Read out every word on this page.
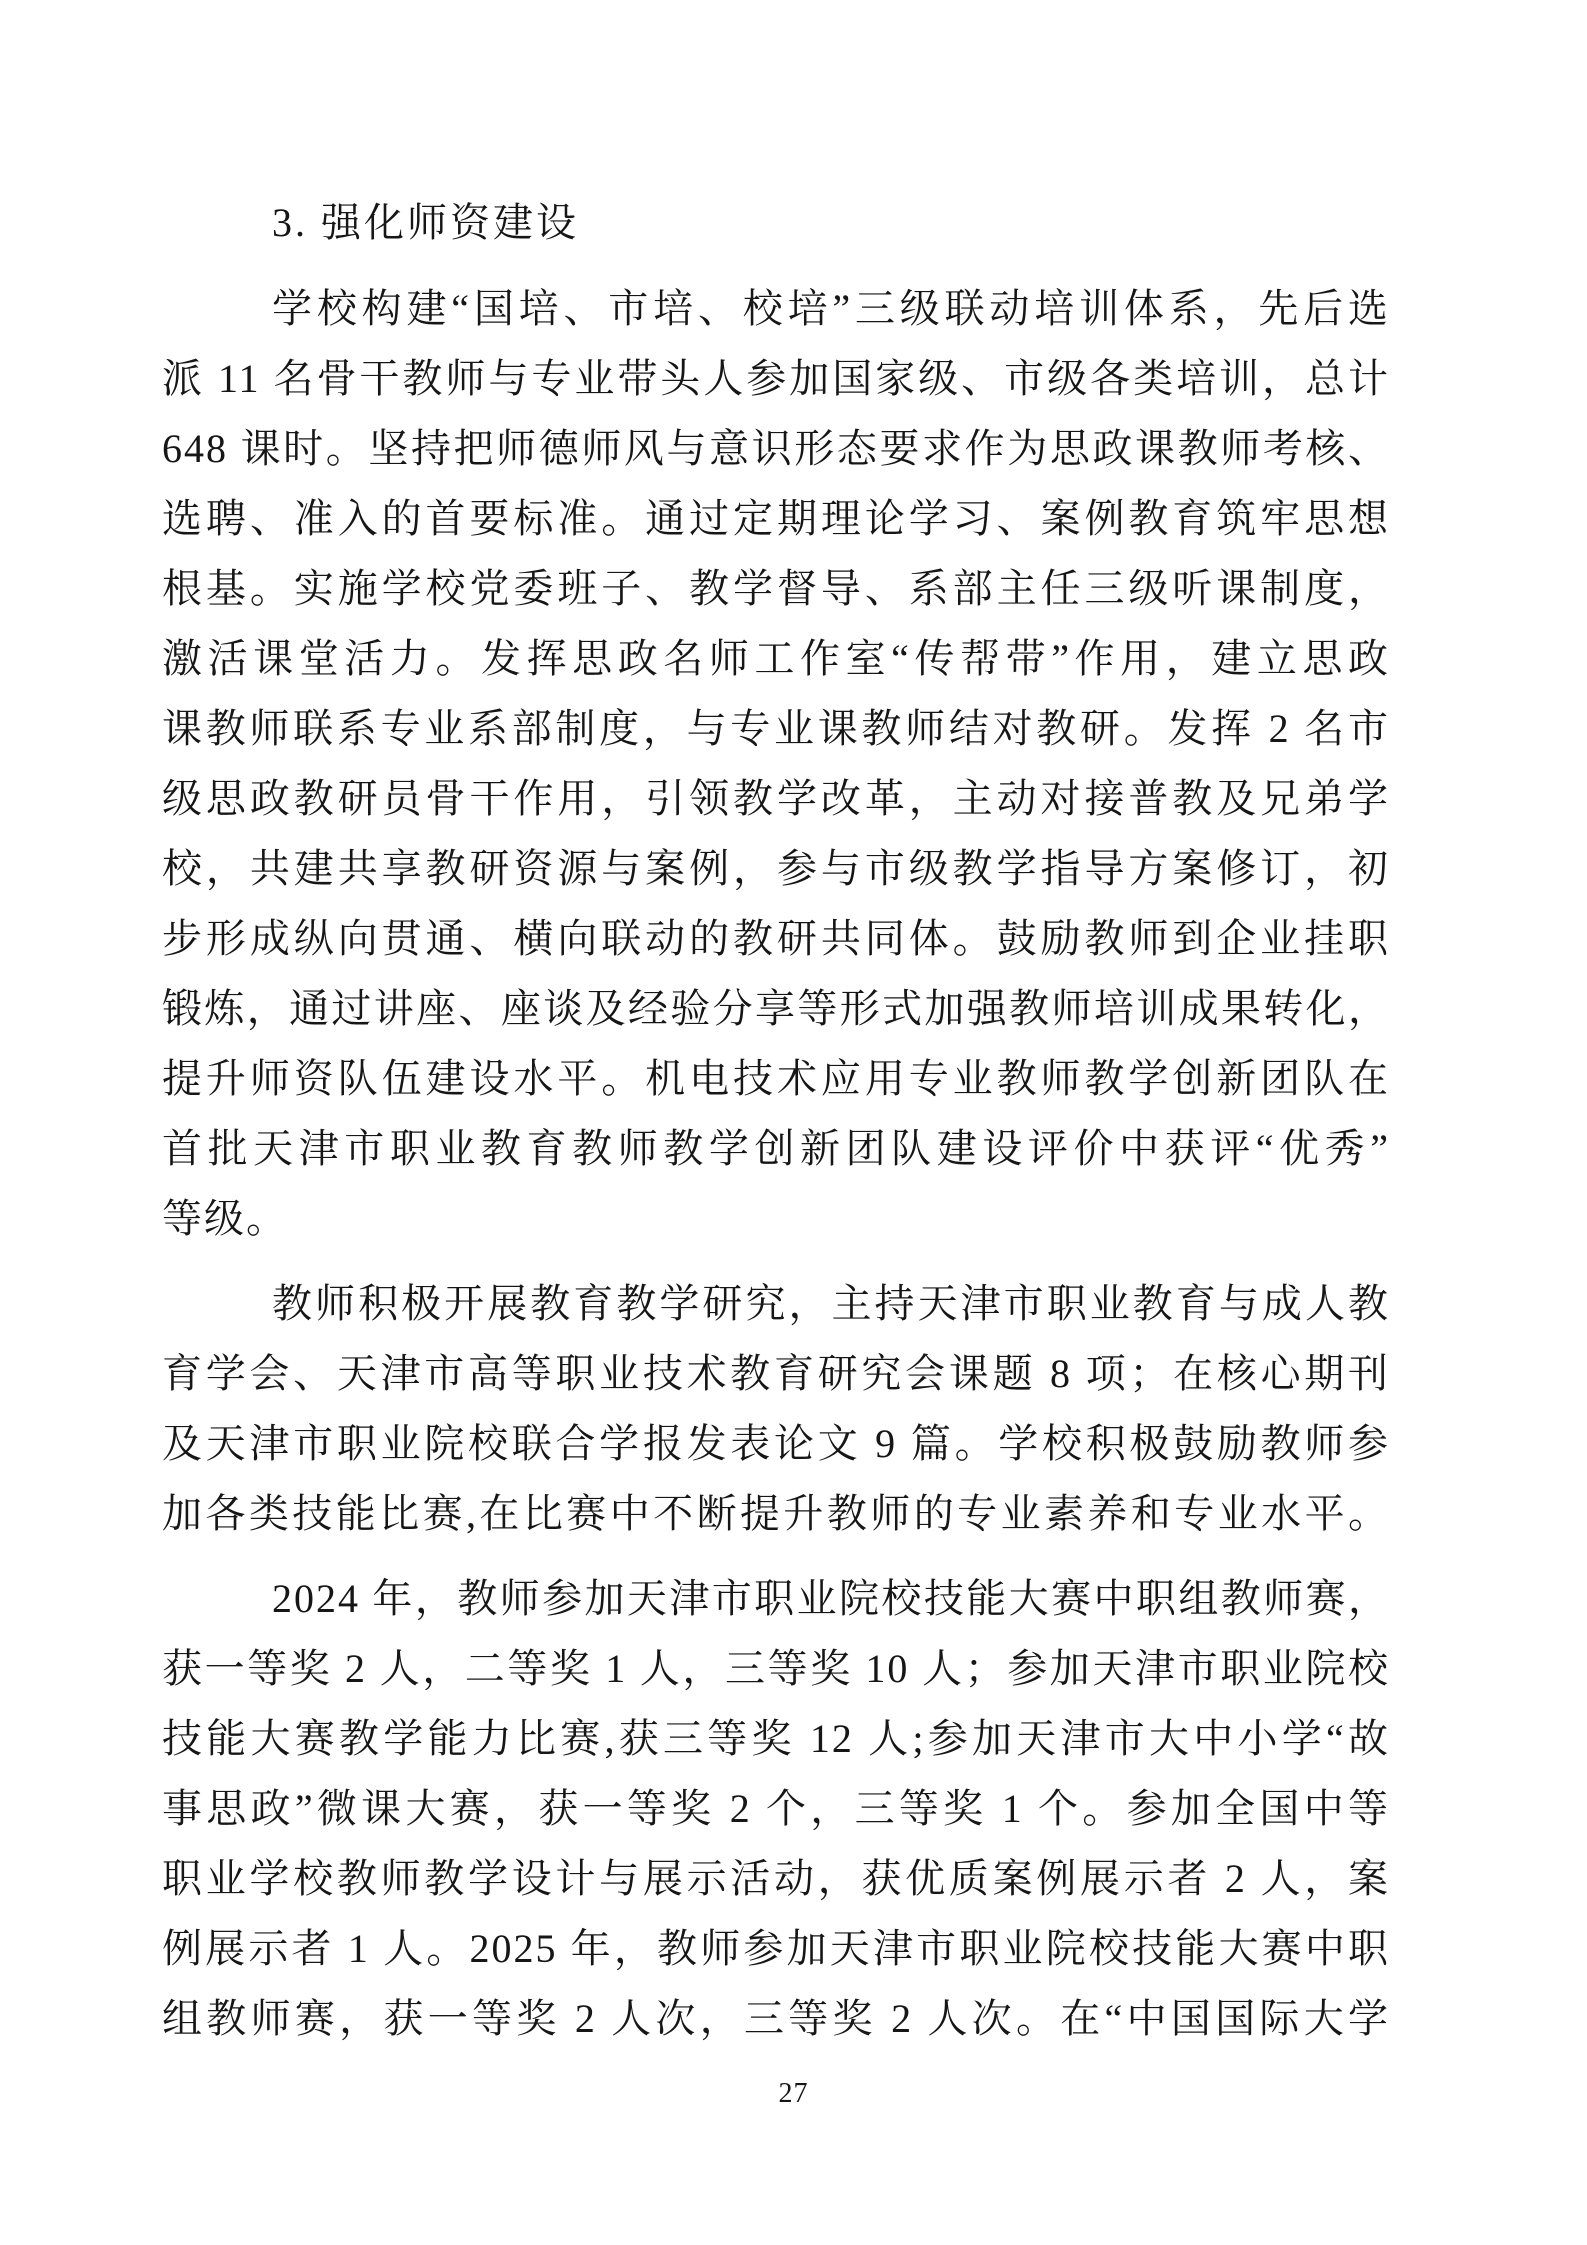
3. 强化师资建设
学校构建“国培、市培、校培”三级联动培训体系，先后选
派 11 名骨干教师与专业带头人参加国家级、市级各类培训，总计
648 课时。坚持把师德师风与意识形态要求作为思政课教师考核、
选聘、准入的首要标准。通过定期理论学习、案例教育筑牢思想
根基。实施学校党委班子、教学督导、系部主任三级听课制度，
激活课堂活力。发挥思政名师工作室“传帮带”作用，建立思政
课教师联系专业系部制度，与专业课教师结对教研。发挥 2 名市
级思政教研员骨干作用，引领教学改革，主动对接普教及兄弟学
校，共建共享教研资源与案例，参与市级教学指导方案修订，初
步形成纵向贯通、横向联动的教研共同体。鼓励教师到企业挂职
锻炼，通过讲座、座谈及经验分享等形式加强教师培训成果转化，
提升师资队伍建设水平。机电技术应用专业教师教学创新团队在
首批天津市职业教育教师教学创新团队建设评价中获评“优秀”
等级。
教师积极开展教育教学研究，主持天津市职业教育与成人教
育学会、天津市高等职业技术教育研究会课题 8 项；在核心期刊
及天津市职业院校联合学报发表论文 9 篇。学校积极鼓励教师参
加各类技能比赛,在比赛中不断提升教师的专业素养和专业水平。
2024 年，教师参加天津市职业院校技能大赛中职组教师赛，
获一等奖 2 人，二等奖 1 人，三等奖 10 人；参加天津市职业院校
技能大赛教学能力比赛,获三等奖 12 人;参加天津市大中小学“故
事思政”微课大赛，获一等奖 2 个，三等奖 1 个。参加全国中等
职业学校教师教学设计与展示活动，获优质案例展示者 2 人，案
例展示者 1 人。2025 年，教师参加天津市职业院校技能大赛中职
组教师赛，获一等奖 2 人次，三等奖 2 人次。在“中国国际大学
27
